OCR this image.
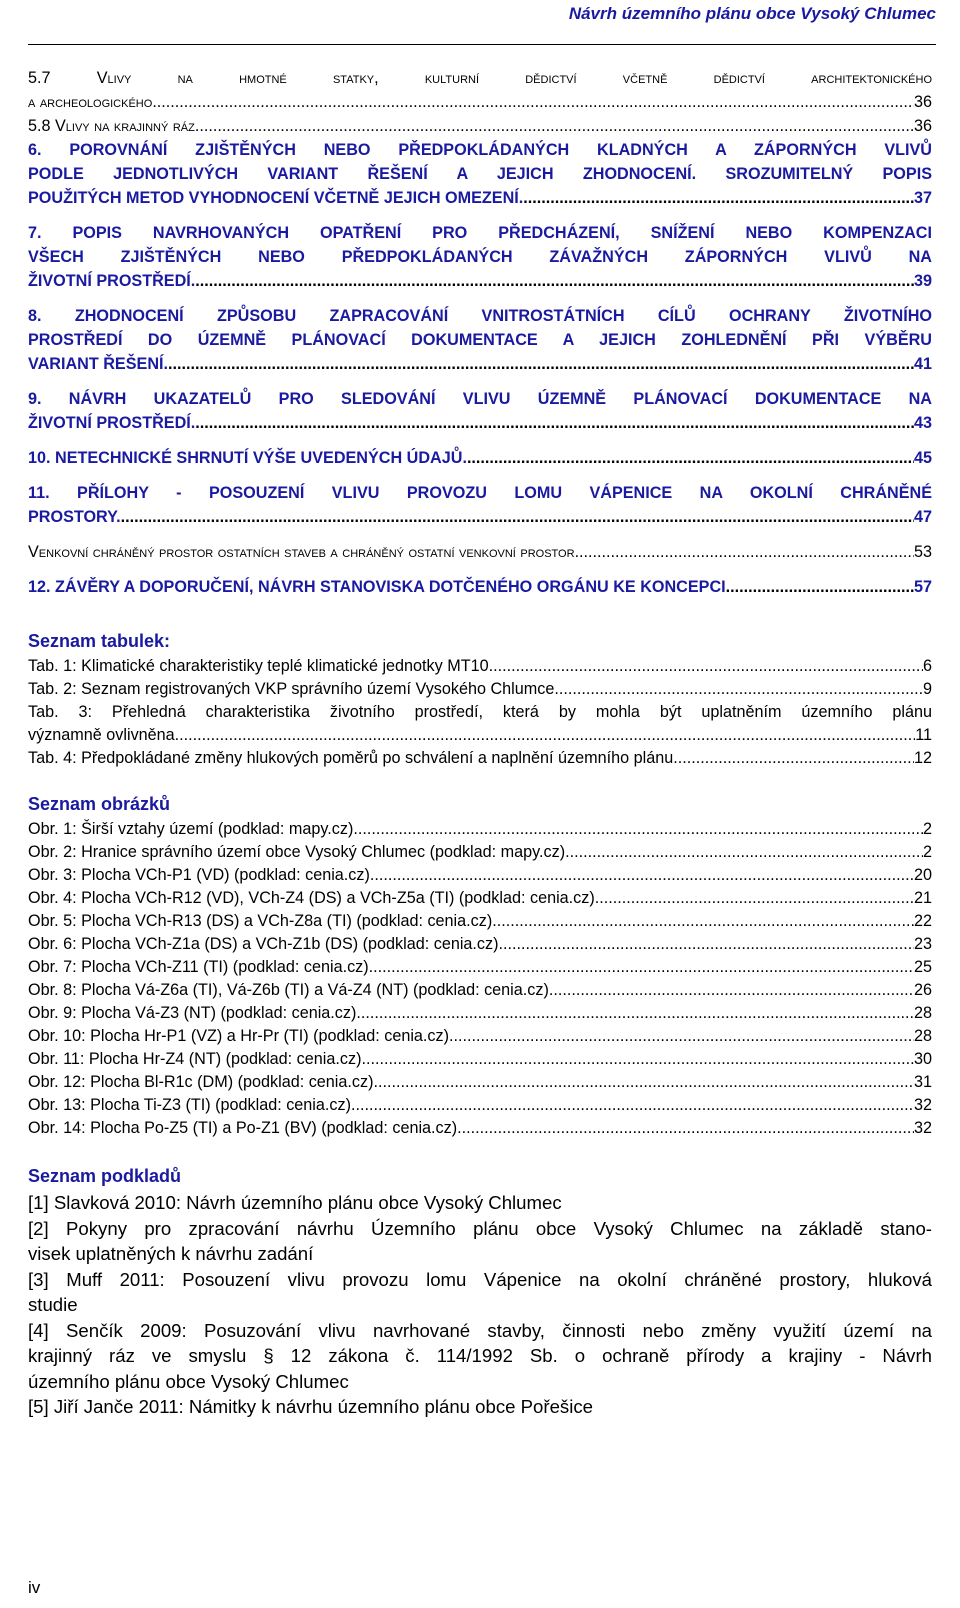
Návrh územního plánu obce Vysoký Chlumec
5.7 Vlivy na hmotné statky, kulturní dědictví včetně dědictví architektonického
a archeologického .....	36
5.8 Vlivy na krajinný ráz .....	36
6. POROVNÁNÍ ZJIŠTĚNÝCH NEBO PŘEDPOKLÁDANÝCH KLADNÝCH A ZÁPORNÝCH VLIVŮ
PODLE JEDNOTLIVÝCH VARIANT ŘEŠENÍ A JEJICH ZHODNOCENÍ. SROZUMITELNÝ POPIS
POUŽITÝCH METOD VYHODNOCENÍ VČETNĚ JEJICH OMEZENÍ. .....	37
7. POPIS NAVRHOVANÝCH OPATŘENÍ PRO PŘEDCHÁZENÍ, SNÍŽENÍ NEBO KOMPENZACI
VŠECH ZJIŠTĚNÝCH NEBO PŘEDPOKLÁDANÝCH ZÁVAŽNÝCH ZÁPORNÝCH VLIVŮ NA
ŽIVOTNÍ PROSTŘEDÍ. .....	39
8. ZHODNOCENÍ ZPŮSOBU ZAPRACOVÁNÍ VNITROSTÁTNÍCH CÍLŮ OCHRANY ŽIVOTNÍHO
PROSTŘEDÍ DO ÚZEMNĚ PLÁNOVACÍ DOKUMENTACE A JEJICH ZOHLEDNĚNÍ PŘI VÝBĚRU
VARIANT ŘEŠENÍ. .....	41
9. NÁVRH UKAZATELŮ PRO SLEDOVÁNÍ VLIVU ÚZEMNĚ PLÁNOVACÍ DOKUMENTACE NA
ŽIVOTNÍ PROSTŘEDÍ. .....	43
10. NETECHNICKÉ SHRNUTÍ VÝŠE UVEDENÝCH ÚDAJŮ. .....	45
11. PŘÍLOHY - POSOUZENÍ VLIVU PROVOZU LOMU VÁPENICE NA OKOLNÍ CHRÁNĚNÉ
PROSTORY. .....	47
Venkovní chráněný prostor ostatních staveb a chráněný ostatní venkovní prostor .....	53
12. ZÁVĚRY A DOPORUČENÍ, NÁVRH STANOVISKA DOTČENÉHO ORGÁNU KE KONCEPCI .....	57
Seznam tabulek:
Tab. 1: Klimatické charakteristiky teplé klimatické jednotky MT10. .....	6
Tab. 2: Seznam registrovaných VKP správního území Vysokého Chlumce .....	9
Tab. 3: Přehledná charakteristika životního prostředí, která by mohla být uplatněním územního plánu
významně ovlivněna. .....	11
Tab. 4: Předpokládané změny hlukových poměrů po schválení a naplnění územního plánu .....	12
Seznam obrázků
Obr. 1: Širší vztahy území (podklad: mapy.cz) .....	2
Obr. 2: Hranice správního území obce Vysoký Chlumec (podklad: mapy.cz) .....	2
Obr. 3: Plocha VCh-P1 (VD) (podklad: cenia.cz) .....	20
Obr. 4: Plocha VCh-R12 (VD), VCh-Z4 (DS) a VCh-Z5a (TI) (podklad: cenia.cz) .....	21
Obr. 5: Plocha VCh-R13 (DS) a VCh-Z8a (TI) (podklad: cenia.cz) .....	22
Obr. 6: Plocha VCh-Z1a (DS) a VCh-Z1b (DS) (podklad: cenia.cz) .....	23
Obr. 7: Plocha VCh-Z11 (TI) (podklad: cenia.cz) .....	25
Obr. 8: Plocha Vá-Z6a (TI), Vá-Z6b (TI) a Vá-Z4 (NT) (podklad: cenia.cz) .....	26
Obr. 9: Plocha Vá-Z3 (NT) (podklad: cenia.cz) .....	28
Obr. 10: Plocha Hr-P1 (VZ) a Hr-Pr (TI) (podklad: cenia.cz) .....	28
Obr. 11: Plocha Hr-Z4 (NT) (podklad: cenia.cz) .....	30
Obr. 12: Plocha Bl-R1c (DM) (podklad: cenia.cz) .....	31
Obr. 13: Plocha Ti-Z3 (TI) (podklad: cenia.cz) .....	32
Obr. 14: Plocha Po-Z5 (TI) a Po-Z1 (BV) (podklad: cenia.cz) .....	32
Seznam podkladů
[1] Slavková 2010: Návrh územního plánu obce Vysoký Chlumec
[2] Pokyny pro zpracování návrhu Územního plánu obce Vysoký Chlumec na základě stano-
visek uplatněných k návrhu zadání
[3] Muff 2011: Posouzení vlivu provozu lomu Vápenice na okolní chráněné prostory, hluková
studie
[4] Senčík 2009: Posuzování vlivu navrhované stavby, činnosti nebo změny využití území na
krajinný ráz ve smyslu § 12 zákona č. 114/1992 Sb. o ochraně přírody a krajiny - Návrh
územního plánu obce Vysoký Chlumec
[5] Jiří Janče 2011: Námitky k návrhu územního plánu obce Pořešice
iv
